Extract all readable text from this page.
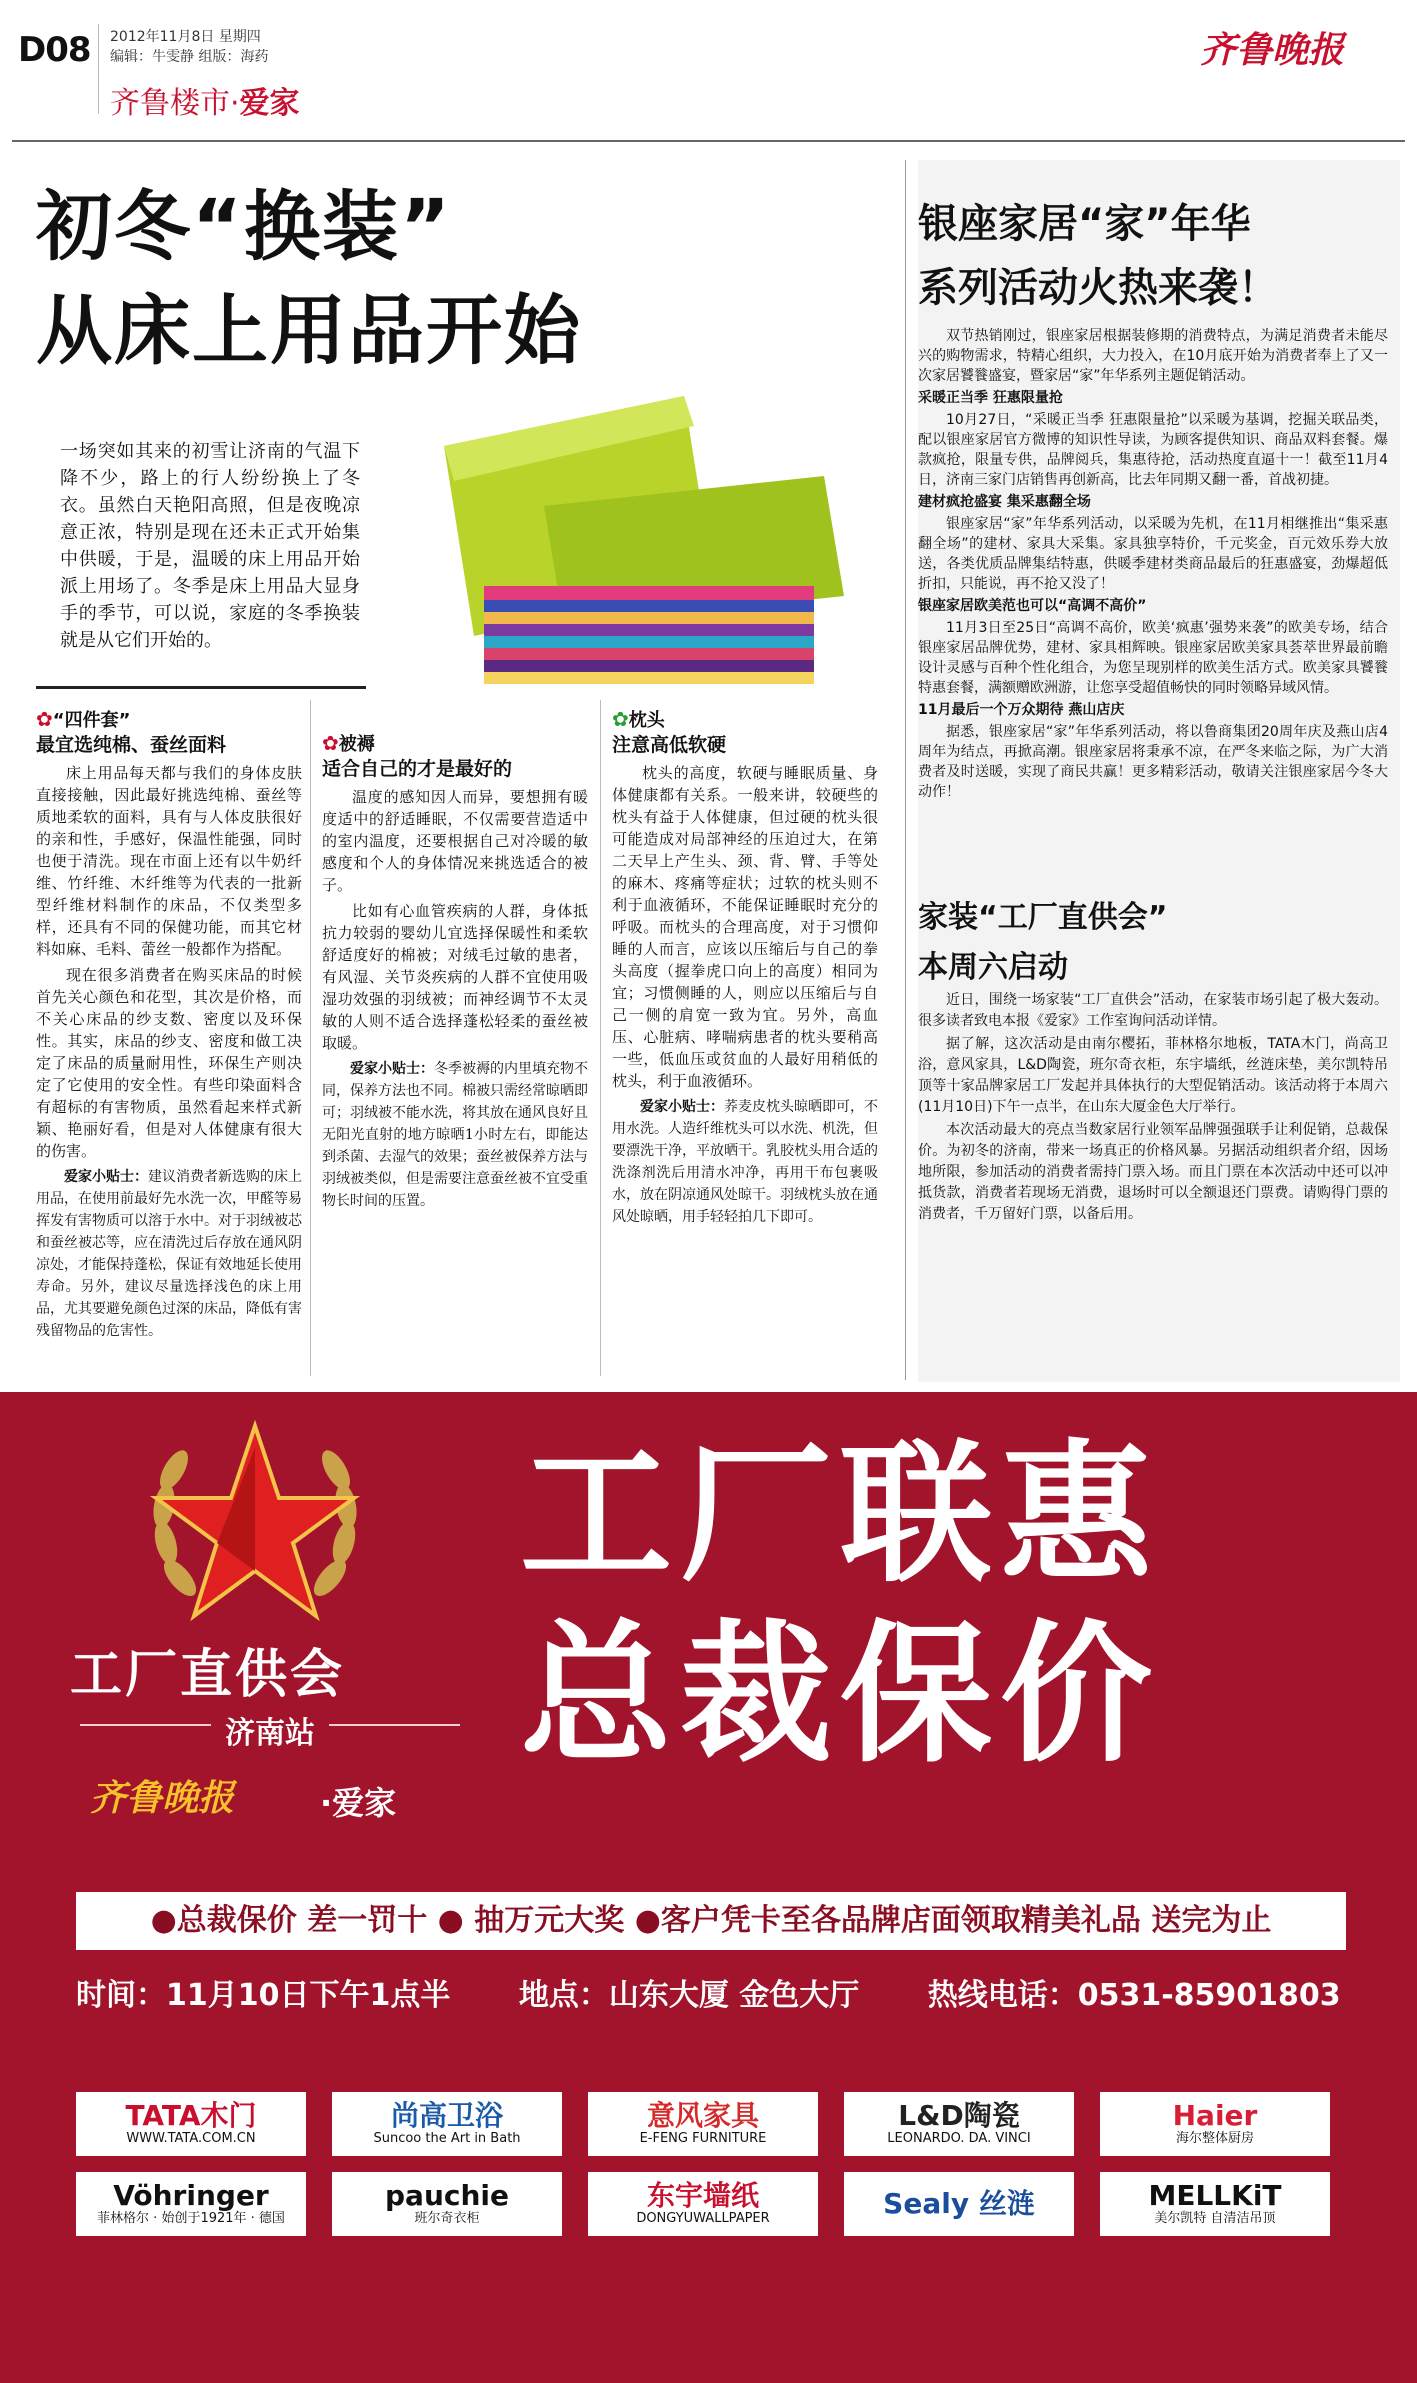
D08 2012年11月8日 星期四
编辑：牛雯静 组版：海药
齐鲁楼市·爱家
齐鲁晚报
初冬“换装”
从床上用品开始
一场突如其来的初雪让济南的气温下降不少，路上的行人纷纷换上了冬衣。虽然白天艳阳高照，但是夜晚凉意正浓，特别是现在还未正式开始集中供暖，于是，温暖的床上用品开始派上用场了。冬季是床上用品大显身手的季节，可以说，家庭的冬季换装就是从它们开始的。
✿“四件套”
最宜选纯棉、蚕丝面料

床上用品每天都与我们的身体皮肤直接接触，因此最好挑选纯棉、蚕丝等质地柔软的面料，具有与人体皮肤很好的亲和性，手感好，保温性能强，同时也便于清洗。现在市面上还有以牛奶纤维、竹纤维、木纤维等为代表的一批新型纤维材料制作的床品，不仅类型多样，还具有不同的保健功能，而其它材料如麻、毛料、蕾丝一般都作为搭配。

现在很多消费者在购买床品的时候首先关心颜色和花型，其次是价格，而不关心床品的纱支数、密度以及环保性。其实，床品的纱支、密度和做工决定了床品的质量耐用性，环保生产则决定了它使用的安全性。有些印染面料含有超标的有害物质，虽然看起来样式新颖、艳丽好看，但是对人体健康有很大的伤害。

爱家小贴士：建议消费者新选购的床上用品，在使用前最好先水洗一次，甲醛等易挥发有害物质可以溶于水中。对于羽绒被芯和蚕丝被芯等，应在清洗过后存放在通风阴凉处，才能保持蓬松，保证有效地延长使用寿命。另外，建议尽量选择浅色的床上用品，尤其要避免颜色过深的床品，降低有害残留物品的危害性。

✿被褥
适合自己的才是最好的

温度的感知因人而异，要想拥有暖度适中的舒适睡眠，不仅需要营造适中的室内温度，还要根据自己对冷暖的敏感度和个人的身体情况来挑选适合的被子。

比如有心血管疾病的人群，身体抵抗力较弱的婴幼儿宜选择保暖性和柔软舒适度好的棉被；对绒毛过敏的患者，有风湿、关节炎疾病的人群不宜使用吸湿功效强的羽绒被；而神经调节不太灵敏的人则不适合选择蓬松轻柔的蚕丝被取暖。

爱家小贴士：冬季被褥的内里填充物不同，保养方法也不同。棉被只需经常晾晒即可；羽绒被不能水洗，将其放在通风良好且无阳光直射的地方晾晒1小时左右，即能达到杀菌、去湿气的效果；蚕丝被保养方法与羽绒被类似，但是需要注意蚕丝被不宜受重物长时间的压置。

✿枕头
注意高低软硬

枕头的高度，软硬与睡眠质量、身体健康都有关系。一般来讲，较硬些的枕头有益于人体健康，但过硬的枕头很可能造成对局部神经的压迫过大，在第二天早上产生头、颈、背、臂、手等处的麻木、疼痛等症状；过软的枕头则不利于血液循环，不能保证睡眠时充分的呼吸。而枕头的合理高度，对于习惯仰睡的人而言，应该以压缩后与自己的拳头高度（握拳虎口向上的高度）相同为宜；习惯侧睡的人，则应以压缩后与自己一侧的肩宽一致为宜。另外，高血压、心脏病、哮喘病患者的枕头要稍高一些，低血压或贫血的人最好用稍低的枕头，利于血液循环。

爱家小贴士：荞麦皮枕头晾晒即可，不用水洗。人造纤维枕头可以水洗、机洗，但要漂洗干净，平放晒干。乳胶枕头用合适的洗涤剂洗后用清水冲净，再用干布包裹吸水，放在阴凉通风处晾干。羽绒枕头放在通风处晾晒，用手轻轻拍几下即可。

银座家居“家”年华
系列活动火热来袭！

双节热销刚过，银座家居根据装修期的消费特点，为满足消费者未能尽兴的购物需求，特精心组织，大力投入，在10月底开始为消费者奉上了又一次家居饕餮盛宴，暨家居“家”年华系列主题促销活动。

采暖正当季 狂惠限量抢

10月27日，“采暖正当季 狂惠限量抢”以采暖为基调，挖掘关联品类，配以银座家居官方微博的知识性导读，为顾客提供知识、商品双料套餐。爆款疯抢，限量专供，品牌阅兵，集惠待抢，活动热度直逼十一！截至11月4日，济南三家门店销售再创新高，比去年同期又翻一番，首战初捷。

建材疯抢盛宴 集采惠翻全场

银座家居“家”年华系列活动，以采暖为先机，在11月相继推出“集采惠翻全场”的建材、家具大采集。家具独享特价，千元奖金，百元效乐券大放送，各类优质品牌集结特惠，供暖季建材类商品最后的狂惠盛宴，劲爆超低折扣，只能说，再不抢又没了！

银座家居欧美范也可以“高调不高价”

11月3日至25日“高调不高价，欧美‘疯惠’强势来袭”的欧美专场，结合银座家居品牌优势，建材、家具相辉映。银座家居欧美家具荟萃世界最前瞻设计灵感与百种个性化组合，为您呈现别样的欧美生活方式。欧美家具饕餮特惠套餐，满额赠欧洲游，让您享受超值畅快的同时领略异域风情。

11月最后一个万众期待 燕山店庆

据悉，银座家居“家”年华系列活动，将以鲁商集团20周年庆及燕山店4周年为结点，再掀高潮。银座家居将秉承不凉，在严冬来临之际，为广大消费者及时送暖，实现了商民共赢！更多精彩活动，敬请关注银座家居今冬大动作！

家装“工厂直供会”
本周六启动

近日，围绕一场家装“工厂直供会”活动，在家装市场引起了极大轰动。很多读者致电本报《爱家》工作室询问活动详情。

据了解，这次活动是由南尔樱拓，菲林格尔地板，TATA木门，尚高卫浴，意风家具，L&D陶瓷，班尔奇衣柜，东宇墙纸，丝涟床垫，美尔凯特吊顶等十家品牌家居工厂发起并具体执行的大型促销活动。该活动将于本周六(11月10日)下午一点半，在山东大厦金色大厅举行。

本次活动最大的亮点当数家居行业领军品牌强强联手让利促销，总裁保价。为初冬的济南，带来一场真正的价格风暴。另据活动组织者介绍，因场地所限，参加活动的消费者需持门票入场。而且门票在本次活动中还可以冲抵货款，消费者若现场无消费，退场时可以全额退还门票费。请购得门票的消费者，千万留好门票，以备后用。

工厂直供会
济南站
齐鲁晚报	·爱家
工厂联惠
总裁保价
●总裁保价 差一罚十 ● 抽万元大奖 ●客户凭卡至各品牌店面领取精美礼品 送完为止
时间：11月10日下午1点半 地点：山东大厦 金色大厅 热线电话：0531-85901803
TATA木门
WWW.TATA.COM.CN
尚高卫浴
Suncoo the Art in Bath
意风家具
E-FENG FURNITURE
L&D陶瓷
LEONARDO. DA. VINCI
Haier
海尔整体厨房
Vöhringer
菲林格尔 · 始创于1921年 · 德国
pauchie
班尔奇衣柜
东宇墙纸
DONGYUWALLPAPER	Sealy 丝涟	MELLKiT
美尔凯特 自清洁吊顶
